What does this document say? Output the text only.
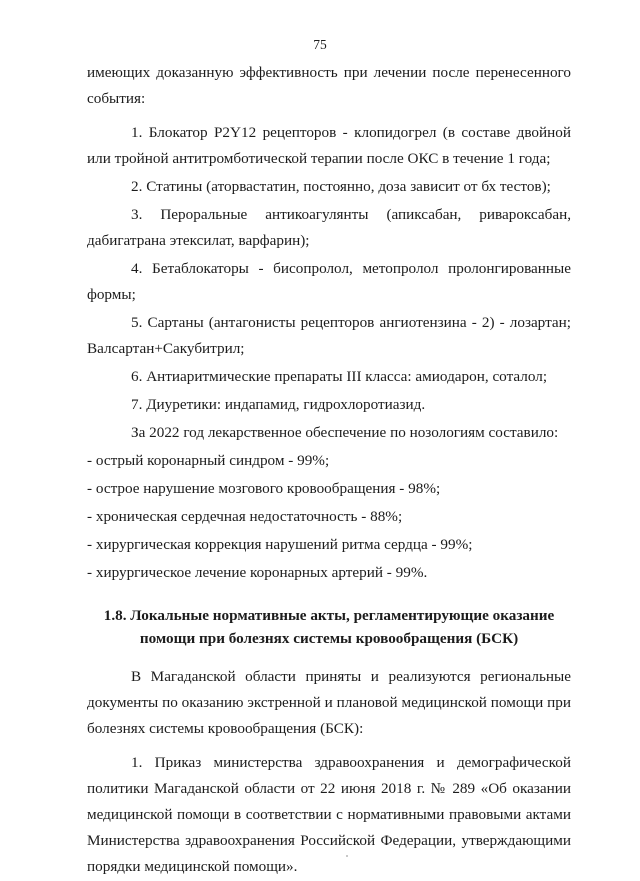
75

имеющих доказанную эффективность при лечении после перенесенного события:

1. Блокатор P2Y12 рецепторов - клопидогрел (в составе двойной или тройной антитромботической терапии после ОКС в течение 1 года;

2. Статины (аторвастатин, постоянно, доза зависит от бх тестов);

3. Пероральные антикоагулянты (апиксабан, ривароксабан, дабигатрана этексилат, варфарин);

4. Бетаблокаторы - бисопролол, метопролол пролонгированные формы;

5. Сартаны (антагонисты рецепторов ангиотензина - 2) - лозартан; Валсартан+Сакубитрил;

6. Антиаритмические препараты III класса: амиодарон, соталол;

7. Диуретики: индапамид, гидрохлоротиазид.

За 2022 год лекарственное обеспечение по нозологиям составило:

- острый коронарный синдром - 99%;

- острое нарушение мозгового кровообращения - 98%;

- хроническая сердечная недостаточность - 88%;

- хирургическая коррекция нарушений ритма сердца - 99%;

- хирургическое лечение коронарных артерий - 99%.

1.8. Локальные нормативные акты, регламентирующие оказание помощи при болезнях системы кровообращения (БСК)

В Магаданской области приняты и реализуются региональные документы по оказанию экстренной и плановой медицинской помощи при болезнях системы кровообращения (БСК):

1. Приказ министерства здравоохранения и демографической политики Магаданской области от 22 июня 2018 г. № 289 «Об оказании медицинской помощи в соответствии с нормативными правовыми актами Министерства здравоохранения Российской Федерации, утверждающими порядки медицинской помощи».
